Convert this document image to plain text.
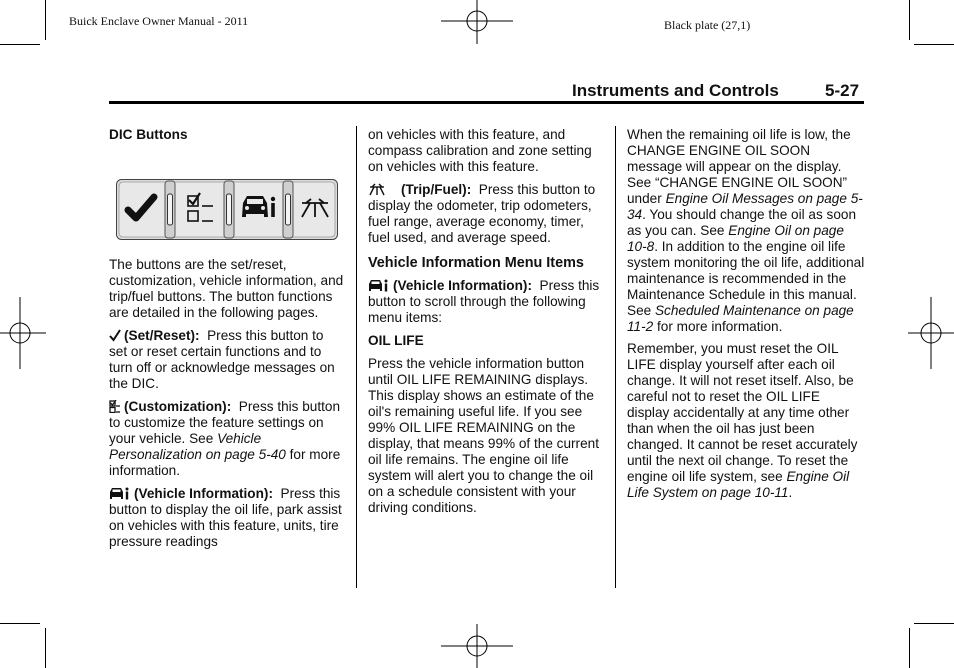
Buick Enclave Owner Manual - 2011	Black plate (27,1)
Instruments and Controls	5-27

DIC Buttons

The buttons are the set/reset, customization, vehicle information, and trip/fuel buttons. The button functions are detailed in the following pages.

(Set/Reset): Press this button to set or reset certain functions and to turn off or acknowledge messages on the DIC.

(Customization): Press this button to customize the feature settings on your vehicle. See Vehicle Personalization on page 5-40 for more information.

(Vehicle Information): Press this button to display the oil life, park assist on vehicles with this feature, units, tire pressure readings

on vehicles with this feature, and compass calibration and zone setting on vehicles with this feature.

(Trip/Fuel): Press this button to display the odometer, trip odometers, fuel range, average economy, timer, fuel used, and average speed.

Vehicle Information Menu Items

(Vehicle Information): Press this button to scroll through the following menu items:

OIL LIFE

Press the vehicle information button until OIL LIFE REMAINING displays. This display shows an estimate of the oil's remaining useful life. If you see 99% OIL LIFE REMAINING on the display, that means 99% of the current oil life remains. The engine oil life system will alert you to change the oil on a schedule consistent with your driving conditions.

When the remaining oil life is low, the CHANGE ENGINE OIL SOON message will appear on the display. See “CHANGE ENGINE OIL SOON” under Engine Oil Messages on page 5-34. You should change the oil as soon as you can. See Engine Oil on page 10-8. In addition to the engine oil life system monitoring the oil life, additional maintenance is recommended in the Maintenance Schedule in this manual. See Scheduled Maintenance on page 11-2 for more information.

Remember, you must reset the OIL LIFE display yourself after each oil change. It will not reset itself. Also, be careful not to reset the OIL LIFE display accidentally at any time other than when the oil has just been changed. It cannot be reset accurately until the next oil change. To reset the engine oil life system, see Engine Oil Life System on page 10-11.
